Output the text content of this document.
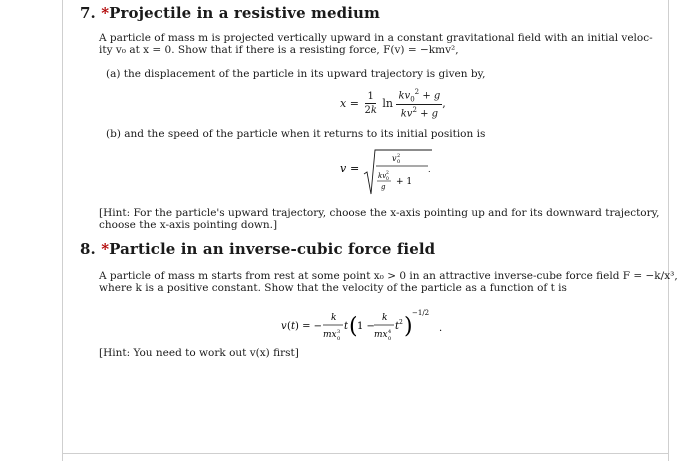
7. *Projectile in a resistive medium
A particle of mass m is projected vertically upward in a constant gravitational field with an initial veloc-
ity v₀ at x = 0. Show that if there is a resisting force, F(v) = −kmv²,
(a) the displacement of the particle in its upward trajectory is given by,
$x = \frac{1}{2k}$ $\ln \frac{kv_0^2 + g}{kv^2 + g}$ ,
(b) and the speed of the particle when it returns to its initial position is
v =
v 0
2
kv 0
2
g + 1
.
[Hint: For the particle's upward trajectory, choose the x-axis pointing up and for its downward trajectory,
choose the x-axis pointing down.]
8. *Particle in an inverse-cubic force field
A particle of mass m starts from rest at some point x₀ > 0 in an attractive inverse-cube force field F = −k/x³,
where k is a positive constant. Show that the velocity of the particle as a function of t is
v ( t ) = −
k
mx 0
3 t ( 1 −
k
mx 0
4 t 2 )
−1/2
.
[Hint: You need to work out v(x) first]
